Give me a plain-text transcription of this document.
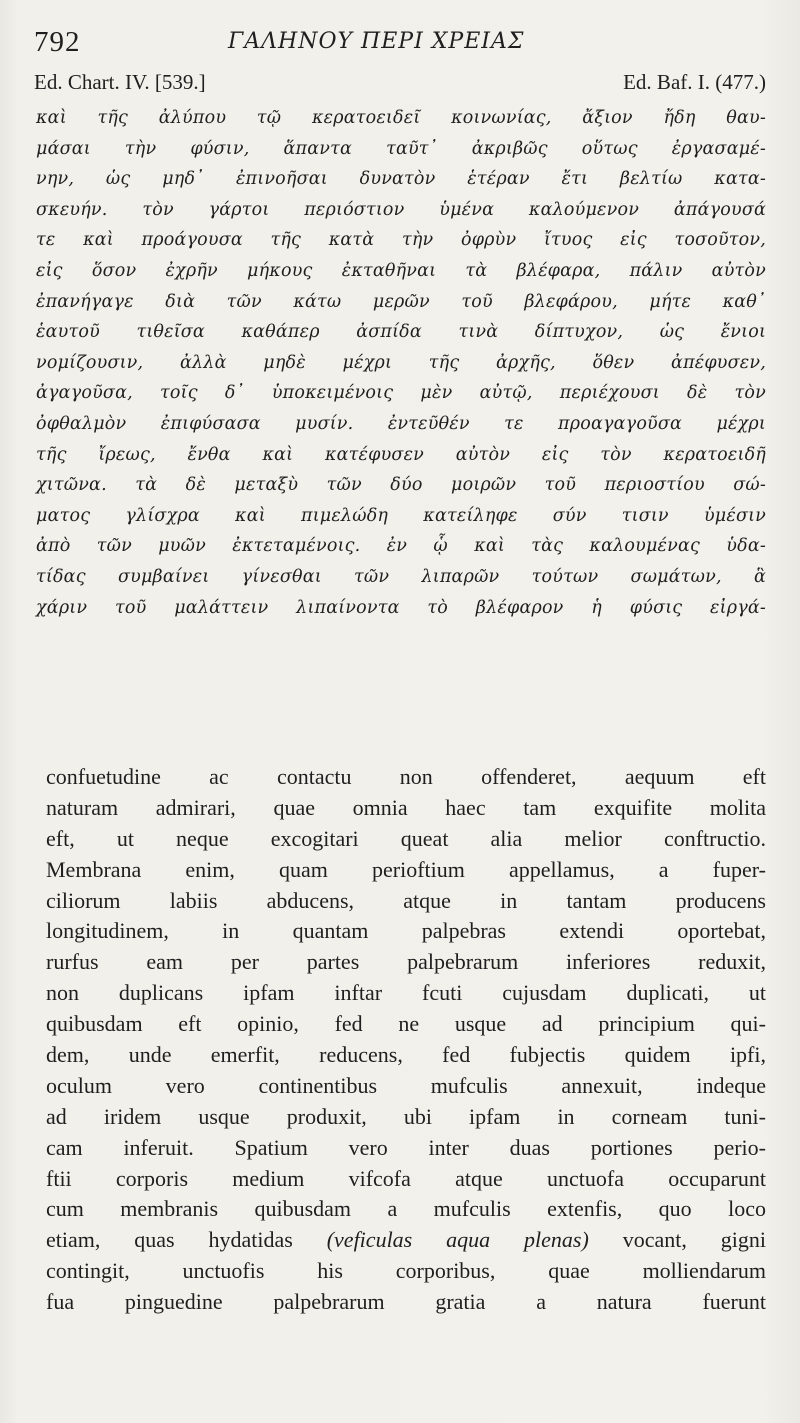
792	ΓΑΛΗΝΟΥ ΠΕΡΙ ΧΡΕΙΑΣ
Ed. Chart. IV. [539.]	Ed. Baf. I. (477.)
καὶ τῆς ἀλύπου τῷ κερατοειδεῖ κοινωνίας, ἄξιον ἤδη θαυ-
μάσαι τὴν φύσιν, ἅπαντα ταῦτ᾽ ἀκριβῶς οὕτως ἐργασαμέ-
νην, ὡς μηδ᾽ ἐπινοῆσαι δυνατὸν ἑτέραν ἔτι βελτίω κατα-
σκευήν. τὸν γάρτοι περιόστιον ὑμένα καλούμενον ἀπάγουσά
τε καὶ προάγουσα τῆς κατὰ τὴν ὀφρὺν ἴτυος εἰς τοσοῦτον,
εἰς ὅσον ἐχρῆν μήκους ἐκταθῆναι τὰ βλέφαρα, πάλιν αὐτὸν
ἐπανήγαγε διὰ τῶν κάτω μερῶν τοῦ βλεφάρου, μήτε καθ᾽
ἑαυτοῦ τιθεῖσα καθάπερ ἀσπίδα τινὰ δίπτυχον, ὡς ἔνιοι
νομίζουσιν, ἀλλὰ μηδὲ μέχρι τῆς ἀρχῆς, ὅθεν ἀπέφυσεν,
ἀγαγοῦσα, τοῖς δ᾽ ὑποκειμένοις μὲν αὐτῷ, περιέχουσι δὲ τὸν
ὀφθαλμὸν ἐπιφύσασα μυσίν. ἐντεῦθέν τε προαγαγοῦσα μέχρι
τῆς ἴρεως, ἔνθα καὶ κατέφυσεν αὐτὸν εἰς τὸν κερατοειδῆ
χιτῶνα. τὰ δὲ μεταξὺ τῶν δύο μοιρῶν τοῦ περιοστίου σώ-
ματος γλίσχρα καὶ πιμελώδη κατείληφε σύν τισιν ὑμέσιν
ἀπὸ τῶν μυῶν ἐκτεταμένοις. ἐν ᾧ καὶ τὰς καλουμένας ὑδα-
τίδας συμβαίνει γίνεσθαι τῶν λιπαρῶν τούτων σωμάτων, ἃ
χάριν τοῦ μαλάττειν λιπαίνοντα τὸ βλέφαρον ἡ φύσις εἰργά-
confuetudine ac contactu non offenderet, aequum eft
naturam admirari, quae omnia haec tam exquifite molita
eft, ut neque excogitari queat alia melior conftructio.
Membrana enim, quam perioftium appellamus, a fuper-
ciliorum labiis abducens, atque in tantam producens
longitudinem, in quantam palpebras extendi oportebat,
rurfus eam per partes palpebrarum inferiores reduxit,
non duplicans ipfam inftar fcuti cujusdam duplicati, ut
quibusdam eft opinio, fed ne usque ad principium qui-
dem, unde emerfit, reducens, fed fubjectis quidem ipfi,
oculum vero continentibus mufculis annexuit, indeque
ad iridem usque produxit, ubi ipfam in corneam tuni-
cam inferuit. Spatium vero inter duas portiones perio-
ftii corporis medium vifcofa atque unctuofa occuparunt
cum membranis quibusdam a mufculis extenfis, quo loco
etiam, quas hydatidas (veficulas aqua plenas) vocant, gigni
contingit, unctuofis his corporibus, quae molliendarum
fua pinguedine palpebrarum gratia a natura fuerunt
